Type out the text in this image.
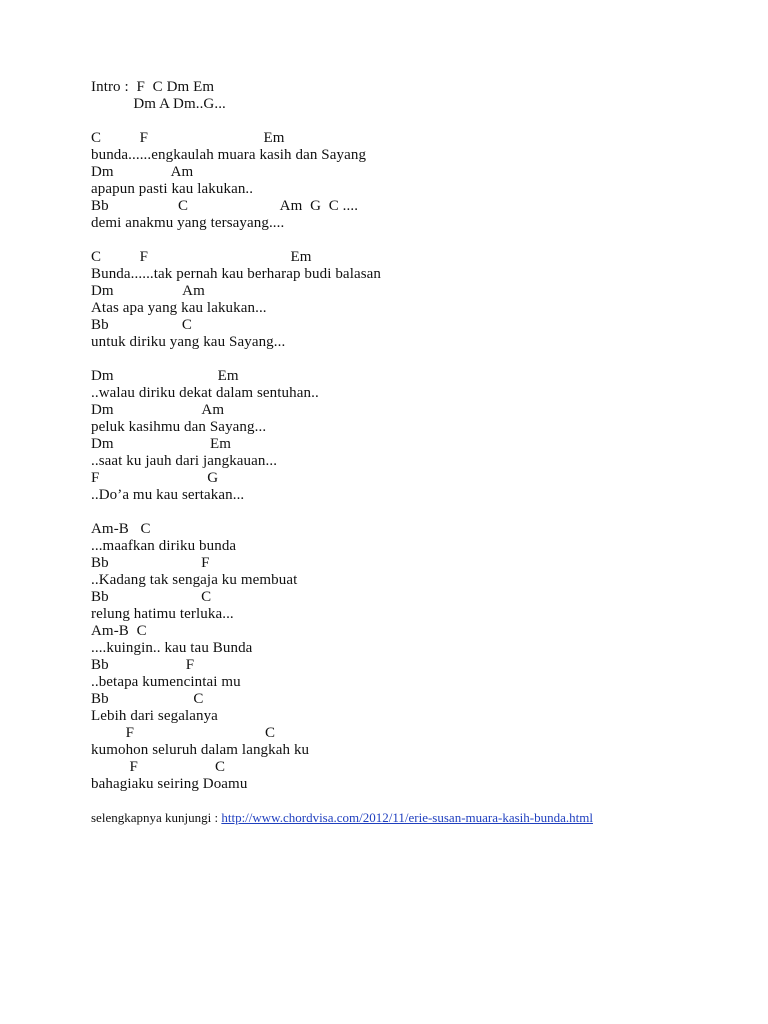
Intro :  F  C Dm Em
Dm A Dm..G...
C          F                              Em
bunda......engkaulah muara kasih dan Sayang
Dm               Am
apapun pasti kau lakukan..
Bb                  C                        Am  G  C ....
demi anakmu yang tersayang....
C          F                                     Em
Bunda......tak pernah kau berharap budi balasan
Dm                  Am
Atas apa yang kau lakukan...
Bb                   C
untuk diriku yang kau Sayang...
Dm                           Em
..walau diriku dekat dalam sentuhan..
Dm                       Am
peluk kasihmu dan Sayang...
Dm                         Em
..saat ku jauh dari jangkauan...
F                            G
..Do’a mu kau sertakan...
Am-B   C
...maafkan diriku bunda
Bb                        F
..Kadang tak sengaja ku membuat
Bb                        C
relung hatimu terluka...
Am-B  C
....kuingin.. kau tau Bunda
Bb                    F
..betapa kumencintai mu
Bb                      C
Lebih dari segalanya
F                                  C
kumohon seluruh dalam langkah ku
F                    C
bahagiaku seiring Doamu
selengkapnya kunjungi : http://www.chordvisa.com/2012/11/erie-susan-muara-kasih-bunda.html
